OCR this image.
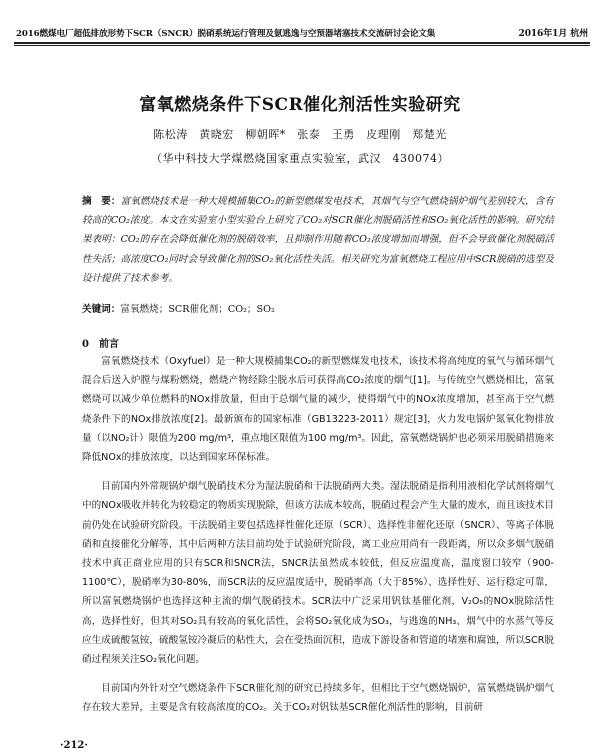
2016燃煤电厂超低排放形势下SCR（SNCR）脱硝系统运行管理及氨逃逸与空预器堵塞技术交流研讨会论文集	2016年1月 杭州
富氧燃烧条件下SCR催化剂活性实验研究
陈松涛　黄晓宏　柳朝晖*　张泰　王勇　皮理刚　郑楚光
（华中科技大学煤燃烧国家重点实验室，武汉　430074）
摘　要：富氧燃烧技术是一种大规模捕集CO₂的新型燃煤发电技术，其烟气与空气燃烧锅炉烟气差别较大，含有较高的CO₂浓度。本文在实验室小型实验台上研究了CO₂对SCR催化剂脱硝活性和SO₂氧化活性的影响。研究结果表明：CO₂的存在会降低催化剂的脱硝效率，且抑制作用随着CO₂浓度增加而增强，但不会导致催化剂脱硝活性失活；高浓度CO₂同时会导致催化剂的SO₂氧化活性失活。相关研究为富氧燃烧工程应用中SCR脱硝的选型及设计提供了技术参考。
关键词：富氧燃烧；SCR催化剂；CO₂；SO₂
0　前言

富氧燃烧技术（Oxyfuel）是一种大规模捕集CO₂的新型燃煤发电技术，该技术将高纯度的氧气与循环烟气混合后送入炉膛与煤粉燃烧，燃烧产物经除尘脱水后可获得高CO₂浓度的烟气[1]。与传统空气燃烧相比，富氧燃烧可以减少单位燃料的NOx排放量，但由于总烟气量的减少，使得烟气中的NOx浓度增加，甚至高于空气燃烧条件下的NOx排放浓度[2]。最新颁布的国家标准（GB13223-2011）规定[3]，火力发电锅炉氮氧化物排放量（以NO₂计）限值为200 mg/m³，重点地区限值为100 mg/m³。因此，富氧燃烧锅炉也必须采用脱硝措施来降低NOx的排放浓度，以达到国家环保标准。

目前国内外常规锅炉烟气脱硝技术分为湿法脱硝和干法脱硝两大类。湿法脱硝是指利用液相化学试剂将烟气中的NOx吸收并转化为较稳定的物质实现脱除，但该方法成本较高，脱硝过程会产生大量的废水，而且该技术目前仍处在试验研究阶段。干法脱硝主要包括选择性催化还原（SCR）、选择性非催化还原（SNCR）、等离子体脱硝和直接催化分解等，其中后两种方法目前均处于试验研究阶段，离工业应用尚有一段距离，所以众多烟气脱硝技术中真正商业应用的只有SCR和SNCR法，SNCR法虽然成本较低，但反应温度高，温度窗口较窄（900-1100℃），脱硝率为30-80%，而SCR法的反应温度适中，脱硝率高（大于85%）、选择性好、运行稳定可靠，所以富氧燃烧锅炉也选择这种主流的烟气脱硝技术。SCR法中广泛采用钒钛基催化剂，V₂O₅的NOx脱除活性高，选择性好，但其对SO₂具有较高的氧化活性，会将SO₂氧化成为SO₃，与逃逸的NH₃、烟气中的水蒸气等反应生成硫酸氢铵，硫酸氢铵冷凝后的粘性大，会在受热面沉积，造成下游设备和管道的堵塞和腐蚀，所以SCR脱硝过程须关注SO₂氧化问题。

目前国内外针对空气燃烧条件下SCR催化剂的研究已持续多年，但相比于空气燃烧锅炉，富氧燃烧锅炉烟气存在较大差异，主要是含有较高浓度的CO₂。关于CO₂对钒钛基SCR催化剂活性的影响，目前研

·212·
